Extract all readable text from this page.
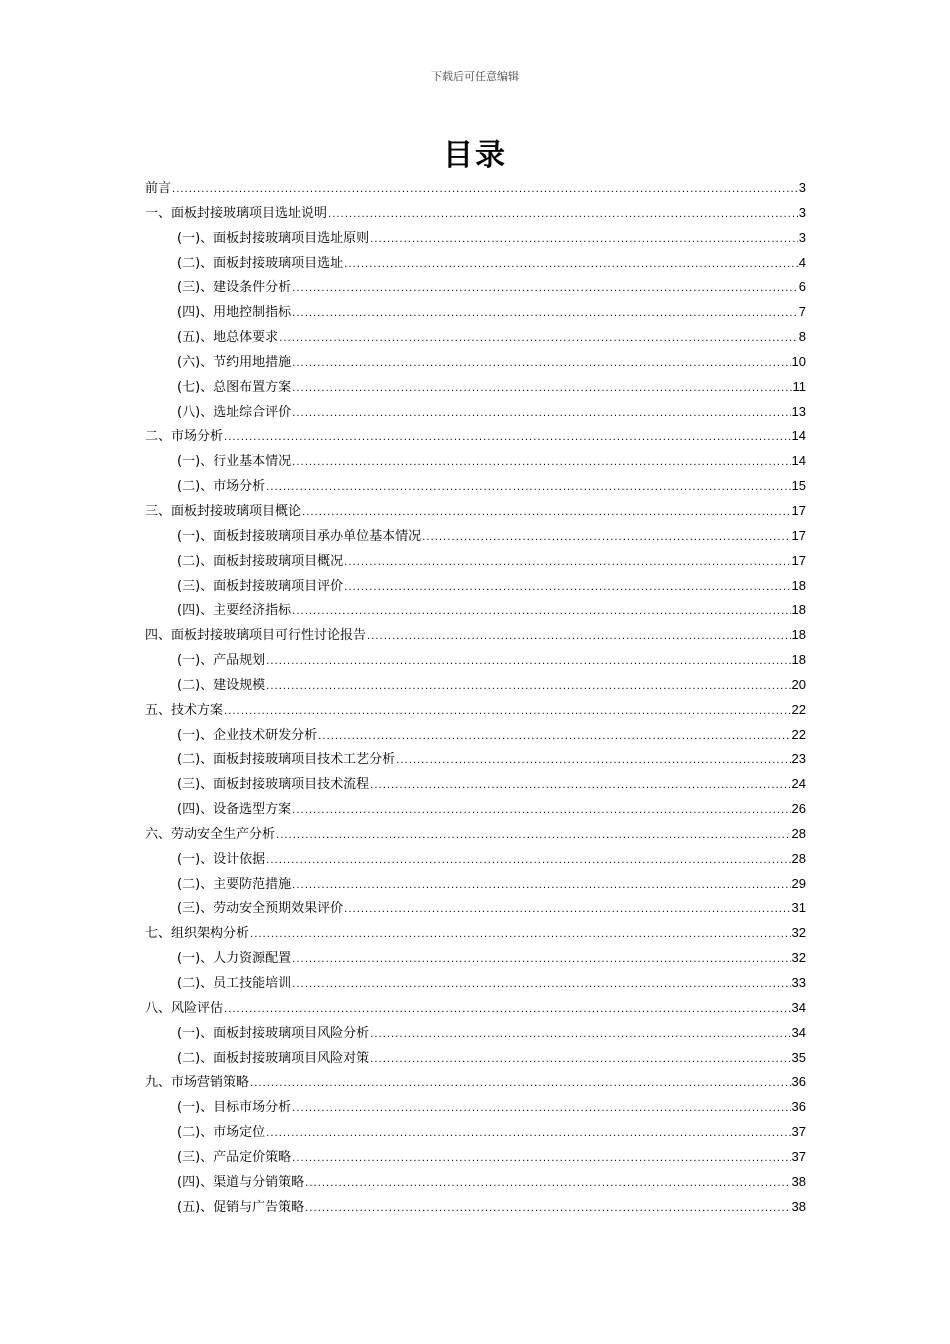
下载后可任意编辑
目录
前言 .....	3
一、面板封接玻璃项目选址说明 .....	3
(一)、面板封接玻璃项目选址原则 .....	3
(二)、面板封接玻璃项目选址 .....	4
(三)、建设条件分析 .....	6
(四)、用地控制指标 .....	7
(五)、地总体要求 .....	8
(六)、节约用地措施 .....	10
(七)、总图布置方案 .....	11
(八)、选址综合评价 .....	13
二、市场分析 .....	14
(一)、行业基本情况 .....	14
(二)、市场分析 .....	15
三、面板封接玻璃项目概论 .....	17
(一)、面板封接玻璃项目承办单位基本情况 .....	17
(二)、面板封接玻璃项目概况 .....	17
(三)、面板封接玻璃项目评价 .....	18
(四)、主要经济指标 .....	18
四、面板封接玻璃项目可行性讨论报告 .....	18
(一)、产品规划 .....	18
(二)、建设规模 .....	20
五、技术方案 .....	22
(一)、企业技术研发分析 .....	22
(二)、面板封接玻璃项目技术工艺分析 .....	23
(三)、面板封接玻璃项目技术流程 .....	24
(四)、设备选型方案 .....	26
六、劳动安全生产分析 .....	28
(一)、设计依据 .....	28
(二)、主要防范措施 .....	29
(三)、劳动安全预期效果评价 .....	31
七、组织架构分析 .....	32
(一)、人力资源配置 .....	32
(二)、员工技能培训 .....	33
八、风险评估 .....	34
(一)、面板封接玻璃项目风险分析 .....	34
(二)、面板封接玻璃项目风险对策 .....	35
九、市场营销策略 .....	36
(一)、目标市场分析 .....	36
(二)、市场定位 .....	37
(三)、产品定价策略 .....	37
(四)、渠道与分销策略 .....	38
(五)、促销与广告策略 .....	38
